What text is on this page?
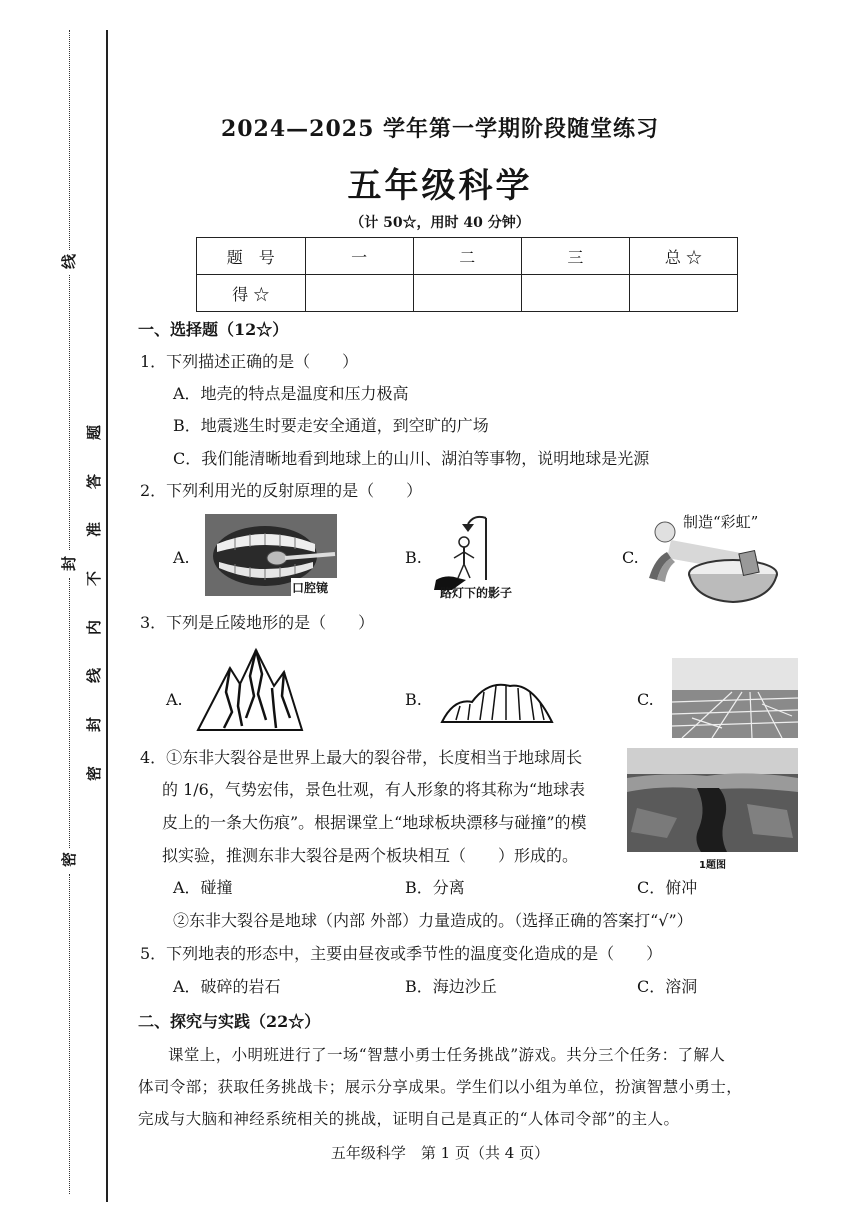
线
封
密
题
答
准
不
内
线
封
密
2024—2025 学年第一学期阶段随堂练习
五年级科学
（计 50☆，用时 40 分钟）
题　号	一	二	三	总 ☆
得 ☆				
一、选择题（12☆）
1．下列描述正确的是（　　）
A．地壳的特点是温度和压力极高
B．地震逃生时要走安全通道，到空旷的广场
C．我们能清晰地看到地球上的山川、湖泊等事物，说明地球是光源
2．下列利用光的反射原理的是（　　）
A.
口腔镜
B.
路灯下的影子
C.
制造“彩虹”
3．下列是丘陵地形的是（　　）
A.	B.	C.
4．①东非大裂谷是世界上最大的裂谷带，长度相当于地球周长
的 1/6，气势宏伟，景色壮观，有人形象的将其称为“地球表
皮上的一条大伤痕”。根据课堂上“地球板块漂移与碰撞”的模
拟实验，推测东非大裂谷是两个板块相互（　　）形成的。
1题图
A．碰撞	B．分离	C．俯冲
②东非大裂谷是地球（内部 外部）力量造成的。（选择正确的答案打“√”）
5．下列地表的形态中，主要由昼夜或季节性的温度变化造成的是（　　）
A．破碎的岩石	B．海边沙丘	C．溶洞
二、探究与实践（22☆）
课堂上，小明班进行了一场“智慧小勇士任务挑战”游戏。共分三个任务：了解人
体司令部；获取任务挑战卡；展示分享成果。学生们以小组为单位，扮演智慧小勇士，
完成与大脑和神经系统相关的挑战，证明自己是真正的“人体司令部”的主人。
五年级科学　第 1 页（共 4 页）
